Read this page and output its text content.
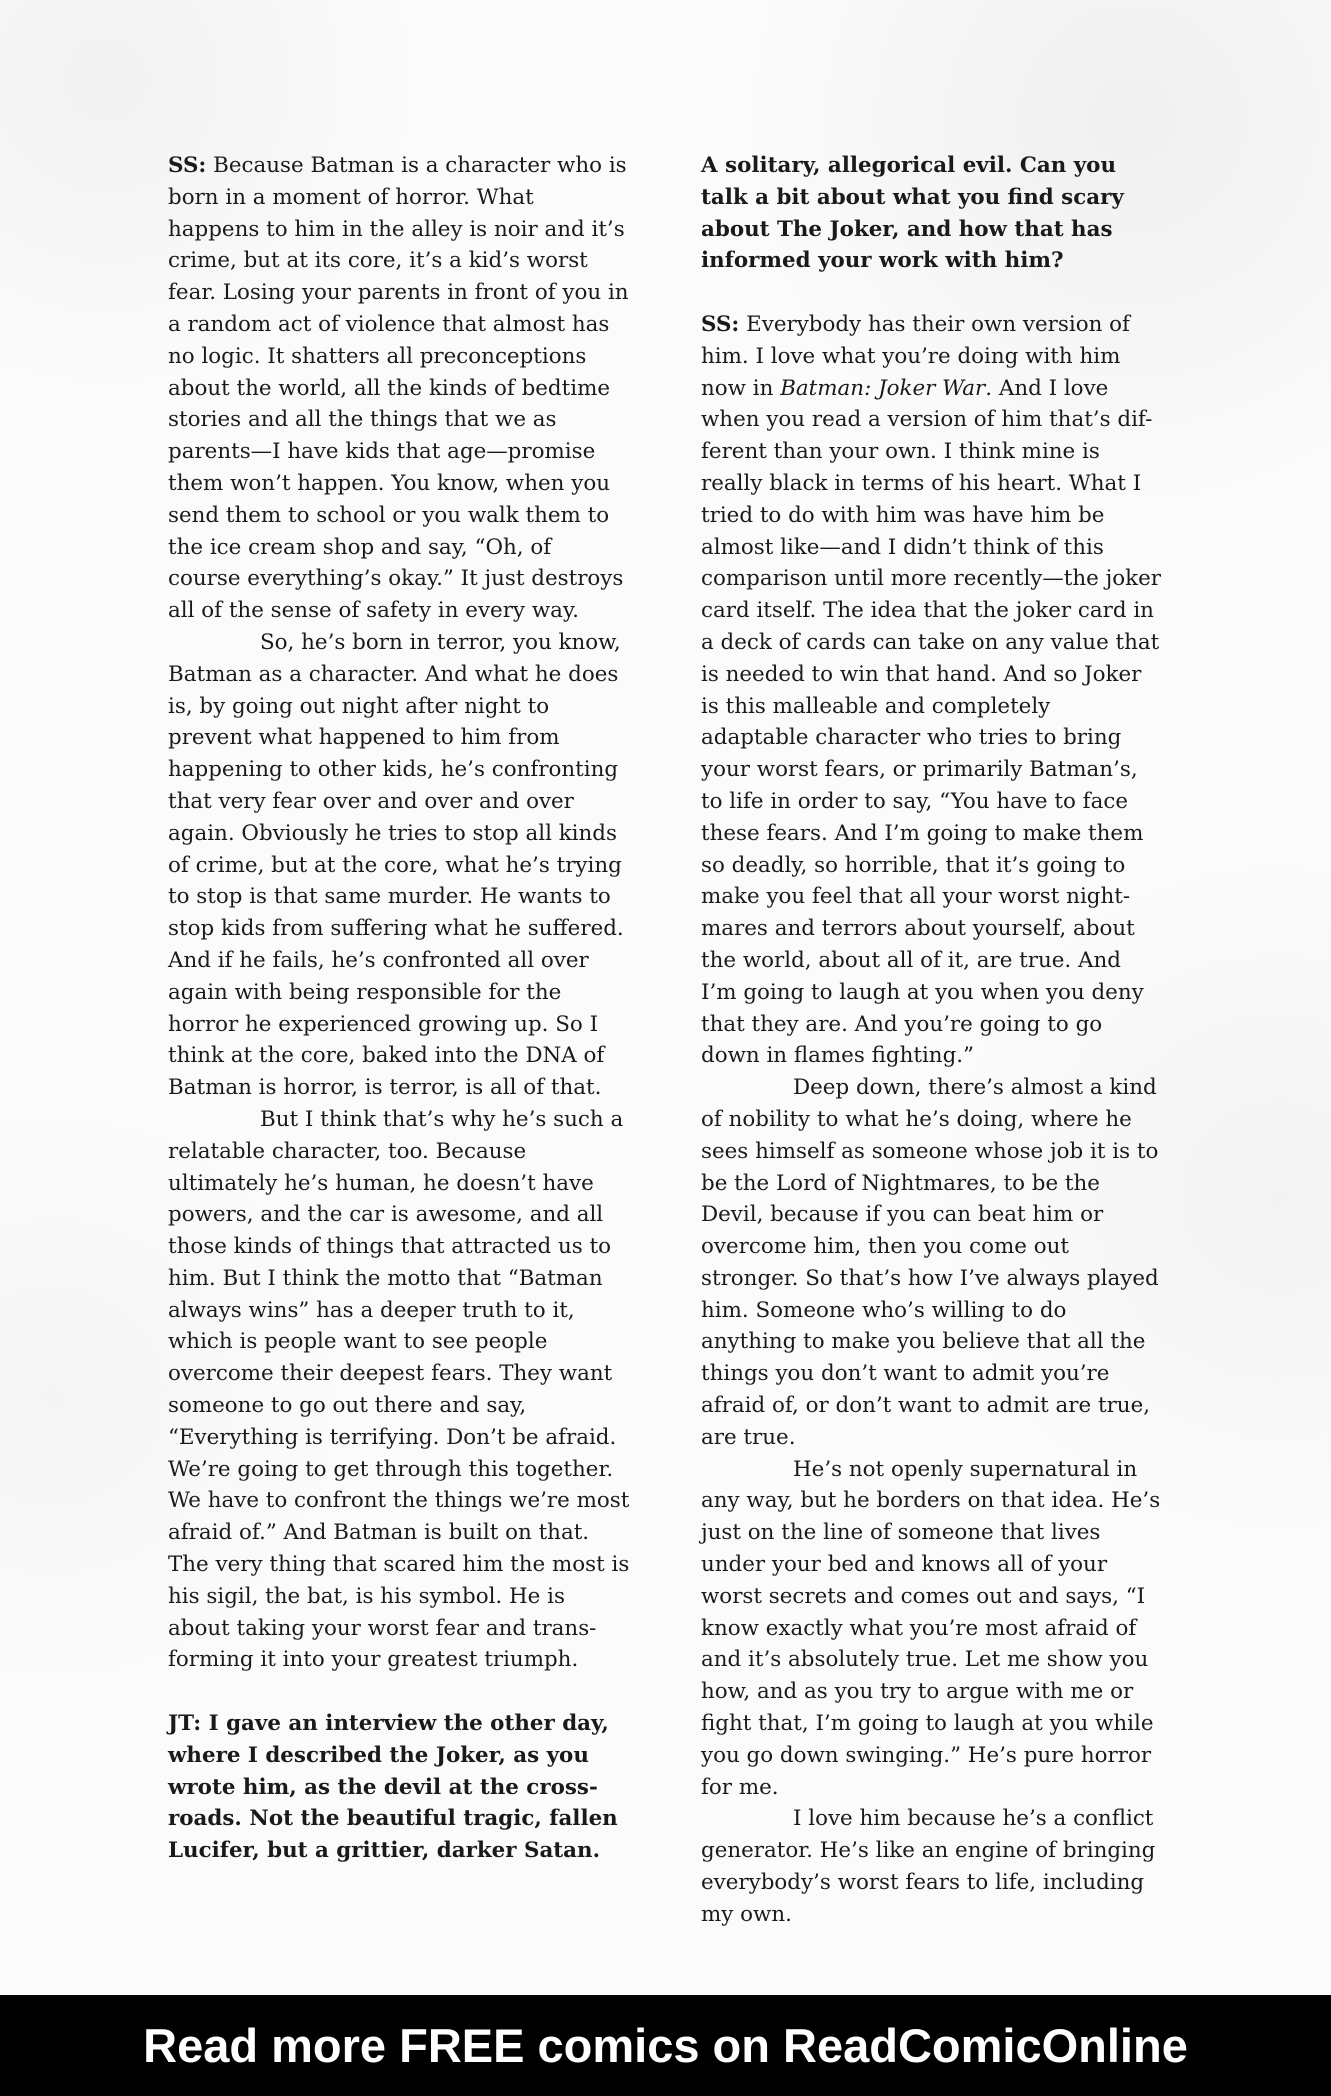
SS: Because Batman is a character who is born in a moment of horror. What happens to him in the alley is noir and it’s crime, but at its core, it’s a kid’s worst fear. Losing your parents in front of you in a random act of violence that almost has no logic. It shatters all preconceptions about the world, all the kinds of bedtime stories and all the things that we as parents—I have kids that age—promise them won’t happen. You know, when you send them to school or you walk them to the ice cream shop and say, “Oh, of course everything’s okay.” It just destroys all of the sense of safety in every way.

So, he’s born in terror, you know, Batman as a character. And what he does is, by going out night after night to prevent what happened to him from happening to other kids, he’s confronting that very fear over and over and over again. Obviously he tries to stop all kinds of crime, but at the core, what he’s trying to stop is that same murder. He wants to stop kids from suffering what he suffered. And if he fails, he’s confronted all over again with being responsible for the horror he experienced growing up. So I think at the core, baked into the DNA of Batman is horror, is terror, is all of that.

But I think that’s why he’s such a relatable character, too. Because ultimately he’s human, he doesn’t have powers, and the car is awesome, and all those kinds of things that attracted us to him. But I think the motto that “Batman always wins” has a deeper truth to it, which is people want to see people overcome their deepest fears. They want someone to go out there and say, “Everything is terrifying. Don’t be afraid. We’re going to get through this together. We have to confront the things we’re most afraid of.” And Batman is built on that. The very thing that scared him the most is his sigil, the bat, is his symbol. He is about taking your worst fear and trans-forming it into your greatest triumph.

JT: I gave an interview the other day, where I described the Joker, as you wrote him, as the devil at the cross-roads. Not the beautiful tragic, fallen Lucifer, but a grittier, darker Satan.

A solitary, allegorical evil. Can you talk a bit about what you find scary about The Joker, and how that has informed your work with him?

SS: Everybody has their own version of him. I love what you’re doing with him now in Batman: Joker War. And I love when you read a version of him that’s dif-ferent than your own. I think mine is really black in terms of his heart. What I tried to do with him was have him be almost like—and I didn’t think of this comparison until more recently—the joker card itself. The idea that the joker card in a deck of cards can take on any value that is needed to win that hand. And so Joker is this malleable and completely adaptable character who tries to bring your worst fears, or primarily Batman’s, to life in order to say, “You have to face these fears. And I’m going to make them so deadly, so horrible, that it’s going to make you feel that all your worst night-mares and terrors about yourself, about the world, about all of it, are true. And I’m going to laugh at you when you deny that they are. And you’re going to go down in flames fighting.”

Deep down, there’s almost a kind of nobility to what he’s doing, where he sees himself as someone whose job it is to be the Lord of Nightmares, to be the Devil, because if you can beat him or overcome him, then you come out stronger. So that’s how I’ve always played him. Someone who’s willing to do anything to make you believe that all the things you don’t want to admit you’re afraid of, or don’t want to admit are true, are true.

He’s not openly supernatural in any way, but he borders on that idea. He’s just on the line of someone that lives under your bed and knows all of your worst secrets and comes out and says, “I know exactly what you’re most afraid of and it’s absolutely true. Let me show you how, and as you try to argue with me or fight that, I’m going to laugh at you while you go down swinging.” He’s pure horror for me.

I love him because he’s a conflict generator. He’s like an engine of bringing everybody’s worst fears to life, including my own.

Read more FREE comics on ReadComicOnline
